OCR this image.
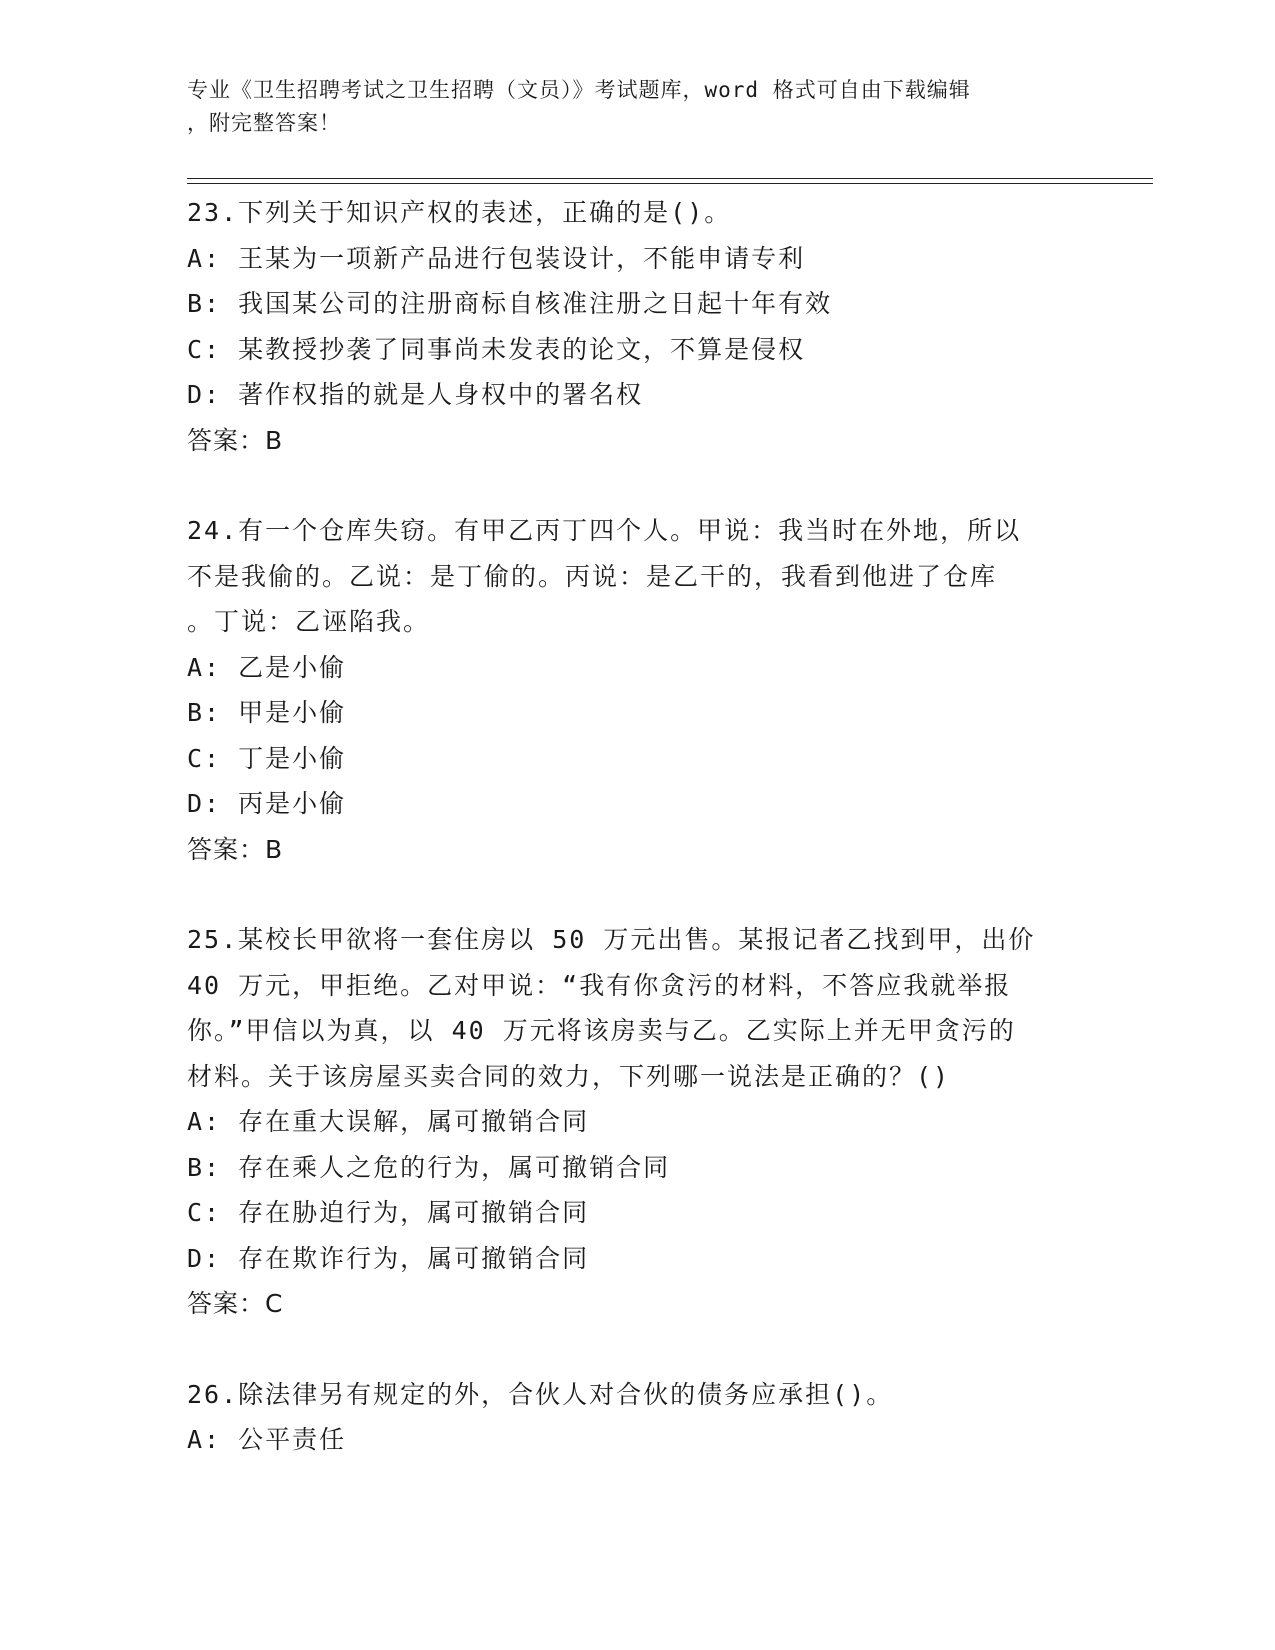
专业《卫生招聘考试之卫生招聘（文员）》考试题库，word 格式可自由下载编辑
，附完整答案！
23.下列关于知识产权的表述，正确的是()。
A: 王某为一项新产品进行包装设计，不能申请专利
B: 我国某公司的注册商标自核准注册之日起十年有效
C: 某教授抄袭了同事尚未发表的论文，不算是侵权
D: 著作权指的就是人身权中的署名权
答案：B
24.有一个仓库失窃。有甲乙丙丁四个人。甲说：我当时在外地，所以
不是我偷的。乙说：是丁偷的。丙说：是乙干的，我看到他进了仓库
。丁说：乙诬陷我。
A: 乙是小偷
B: 甲是小偷
C: 丁是小偷
D: 丙是小偷
答案：B
25.某校长甲欲将一套住房以 50 万元出售。某报记者乙找到甲，出价
40 万元，甲拒绝。乙对甲说：“我有你贪污的材料，不答应我就举报
你。”甲信以为真，以 40 万元将该房卖与乙。乙实际上并无甲贪污的
材料。关于该房屋买卖合同的效力，下列哪一说法是正确的？()
A: 存在重大误解，属可撤销合同
B: 存在乘人之危的行为，属可撤销合同
C: 存在胁迫行为，属可撤销合同
D: 存在欺诈行为，属可撤销合同
答案：C
26.除法律另有规定的外，合伙人对合伙的债务应承担()。
A: 公平责任
